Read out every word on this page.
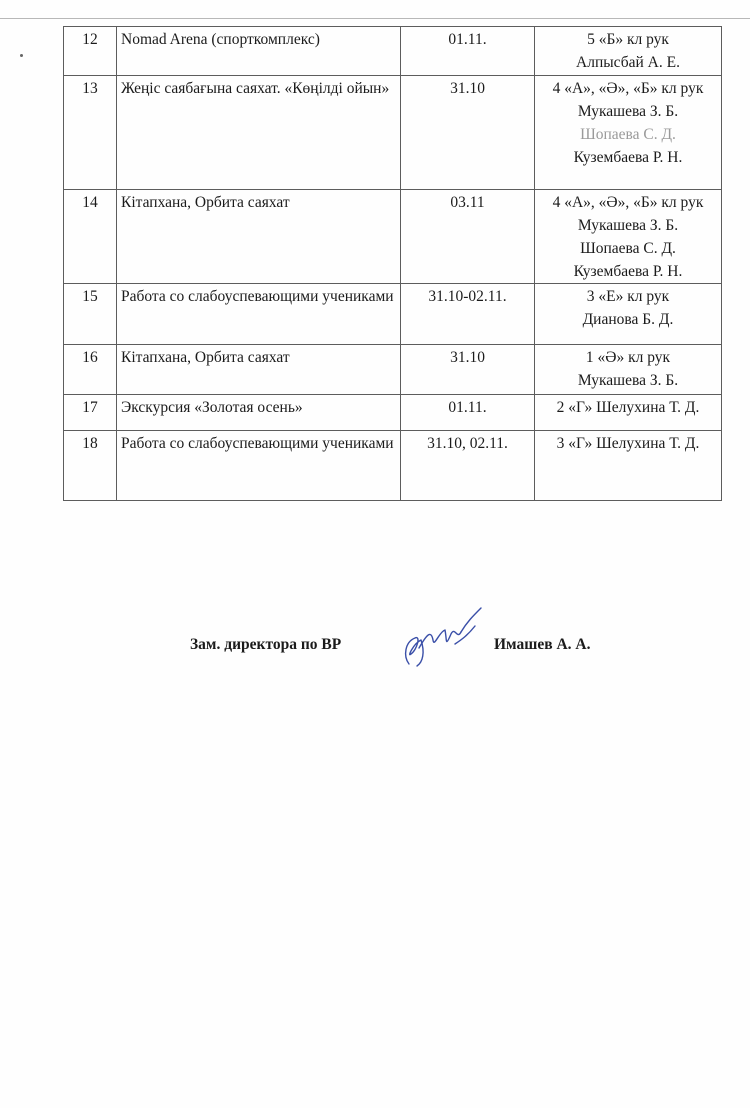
12	Nomad Arena (спорткомплекс)	01.11.	5 «Б» кл рук
Алпысбай А. Е.

13	Жеңіс саябағына саяхат. «Көңілді ойын»	31.10	4 «А», «Ә», «Б» кл рук
Мукашева З. Б.
Шопаева С. Д.
Кузембаева Р. Н.

14	Кітапхана, Орбита саяхат	03.11	4 «А», «Ә», «Б» кл рук
Мукашева З. Б.
Шопаева С. Д.
Кузембаева Р. Н.

15	Работа со слабоуспевающими учениками	31.10-02.11.	3 «Е» кл рук
Дианова Б. Д.

16	Кітапхана, Орбита саяхат	31.10	1 «Ә» кл рук
Мукашева З. Б.

17	Экскурсия «Золотая осень»	01.11.	2 «Г» Шелухина Т. Д.

18	Работа со слабоуспевающими учениками	31.10, 02.11.	3 «Г» Шелухина Т. Д.
Зам. директора по ВР	Имашев А. А.
